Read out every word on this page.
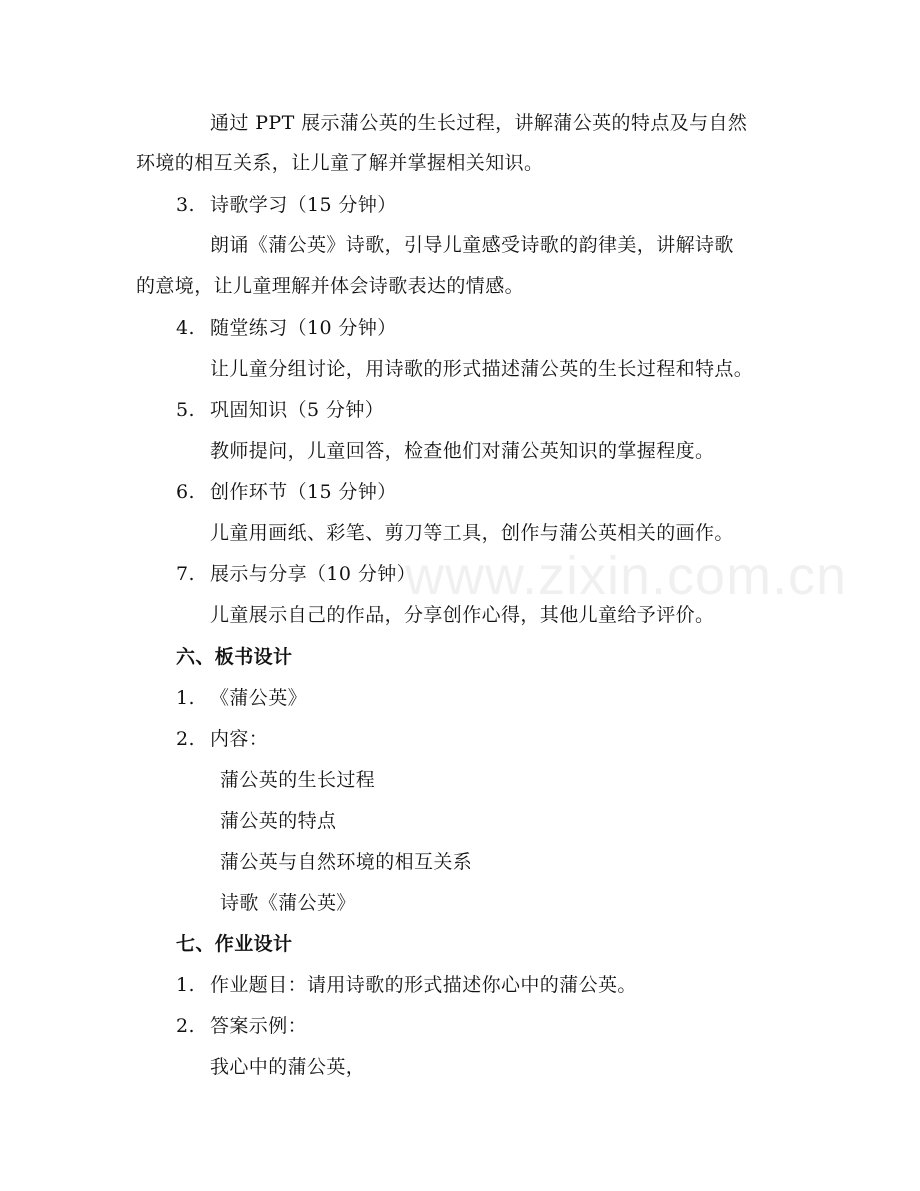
通过 PPT 展示蒲公英的生长过程，讲解蒲公英的特点及与自然
环境的相互关系，让儿童了解并掌握相关知识。
3. 诗歌学习（15 分钟）
朗诵《蒲公英》诗歌，引导儿童感受诗歌的韵律美，讲解诗歌
的意境，让儿童理解并体会诗歌表达的情感。
4. 随堂练习（10 分钟）
让儿童分组讨论，用诗歌的形式描述蒲公英的生长过程和特点。
5. 巩固知识（5 分钟）
教师提问，儿童回答，检查他们对蒲公英知识的掌握程度。
6. 创作环节（15 分钟）
儿童用画纸、彩笔、剪刀等工具，创作与蒲公英相关的画作。
7. 展示与分享（10 分钟）
儿童展示自己的作品，分享创作心得，其他儿童给予评价。
六、板书设计
1. 《蒲公英》
2. 内容：
蒲公英的生长过程
蒲公英的特点
蒲公英与自然环境的相互关系
诗歌《蒲公英》
七、作业设计
1. 作业题目：请用诗歌的形式描述你心中的蒲公英。
2. 答案示例：
我心中的蒲公英，
www.zixin.com.cn
